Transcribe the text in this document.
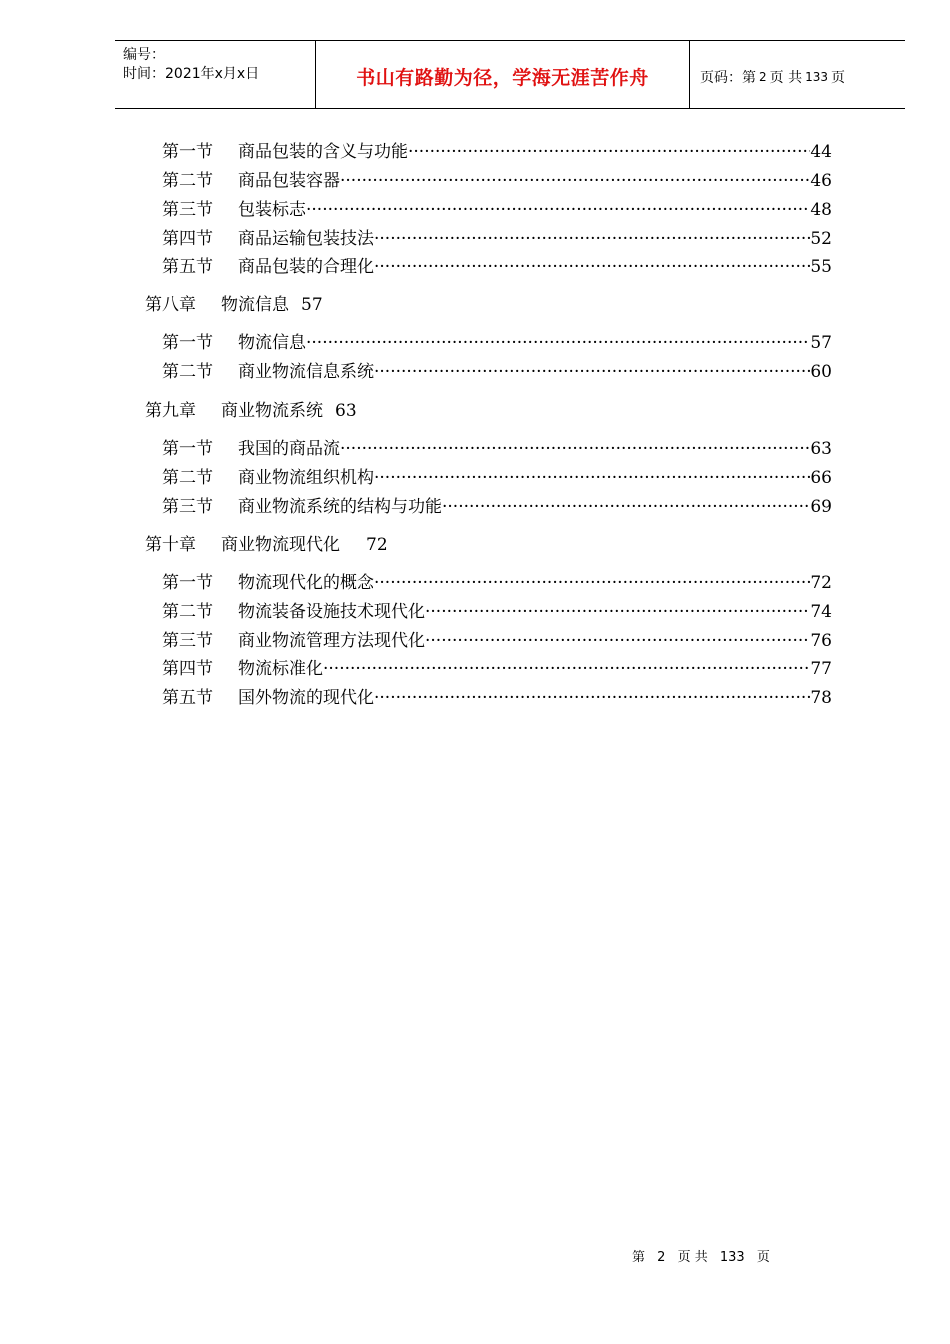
编号：
时间：2021年x月x日	书山有路勤为径，学海无涯苦作舟	页码：第 2 页 共 133 页
第一节	商品包装的含义与功能 ·····	44
第二节	商品包装容器 ·····	46
第三节	包装标志 ·····	48
第四节	商品运输包装技法 ·····	52
第五节	商品包装的合理化 ·····	55
第八章	物流信息 57
第一节	物流信息 ·····	57
第二节	商业物流信息系统 ·····	60
第九章	商业物流系统 63
第一节	我国的商品流 ·····	63
第二节	商业物流组织机构 ·····	66
第三节	商业物流系统的结构与功能 ·····	69
第十章	商业物流现代化 72
第一节	物流现代化的概念 ·····	72
第二节	物流装备设施技术现代化 ·····	74
第三节	商业物流管理方法现代化 ·····	76
第四节	物流标准化 ·····	77
第五节	国外物流的现代化 ·····	78
第 2 页 共 133 页
